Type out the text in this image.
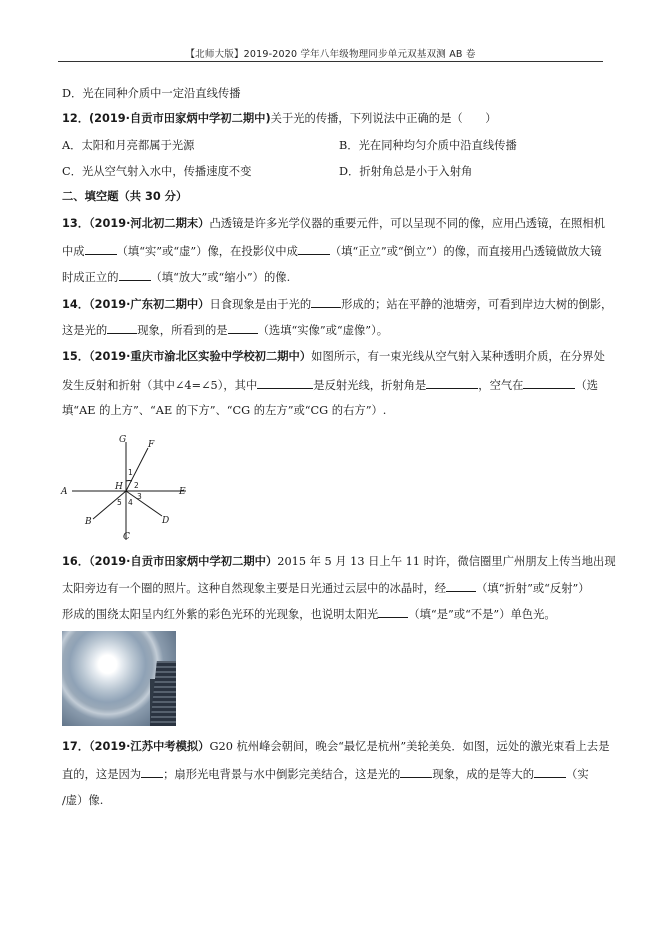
【北师大版】2019-2020 学年八年级物理同步单元双基双测 AB 卷
D．光在同种介质中一定沿直线传播
12．(2019·自贡市田家炳中学初二期中)关于光的传播，下列说法中正确的是（　　）
A．太阳和月亮都属于光源	B．光在同种均匀介质中沿直线传播
C．光从空气射入水中，传播速度不变	D．折射角总是小于入射角
二、填空题（共 30 分）
13．（2019·河北初二期末）凸透镜是许多光学仪器的重要元件，可以呈现不同的像，应用凸透镜，在照相机
中成	（填“实”或“虚”）像，在投影仪中成	（填“正立”或“倒立”）的像，而直接用凸透镜做放大镜
时成正立的	（填“放大”或“缩小”）的像.
14．（2019·广东初二期中）日食现象是由于光的	形成的；站在平静的池塘旁，可看到岸边大树的倒影，
这是光的	现象，所看到的是	（选填“实像”或“虚像”）。
15．（2019·重庆市渝北区实验中学校初二期中）如图所示，有一束光线从空气射入某种透明介质，在分界处
发生反射和折射（其中∠4=∠5），其中	是反射光线，折射角是	，空气在	（选
填“AE 的上方”、“AE 的下方”、“CG 的左方”或“CG 的右方”）.
G F
A	E
H
B
C
D
1
2
3
4
5
16．（2019·自贡市田家炳中学初二期中）2015 年 5 月 13 日上午 11 时许，微信圈里广州朋友上传当地出现
太阳旁边有一个圈的照片。这种自然现象主要是日光通过云层中的冰晶时，经	（填“折射”或“反射”）
形成的围绕太阳呈内红外紫的彩色光环的光现象，也说明太阳光	（填“是”或“不是”）单色光。
17．（2019·江苏中考模拟）G20 杭州峰会朝间，晚会“最忆是杭州”美轮美奂．如图，远处的激光束看上去是
直的，这是因为 ；扇形光电背景与水中倒影完美结合，这是光的	现象，成的是等大的	（实
/虚）像.
